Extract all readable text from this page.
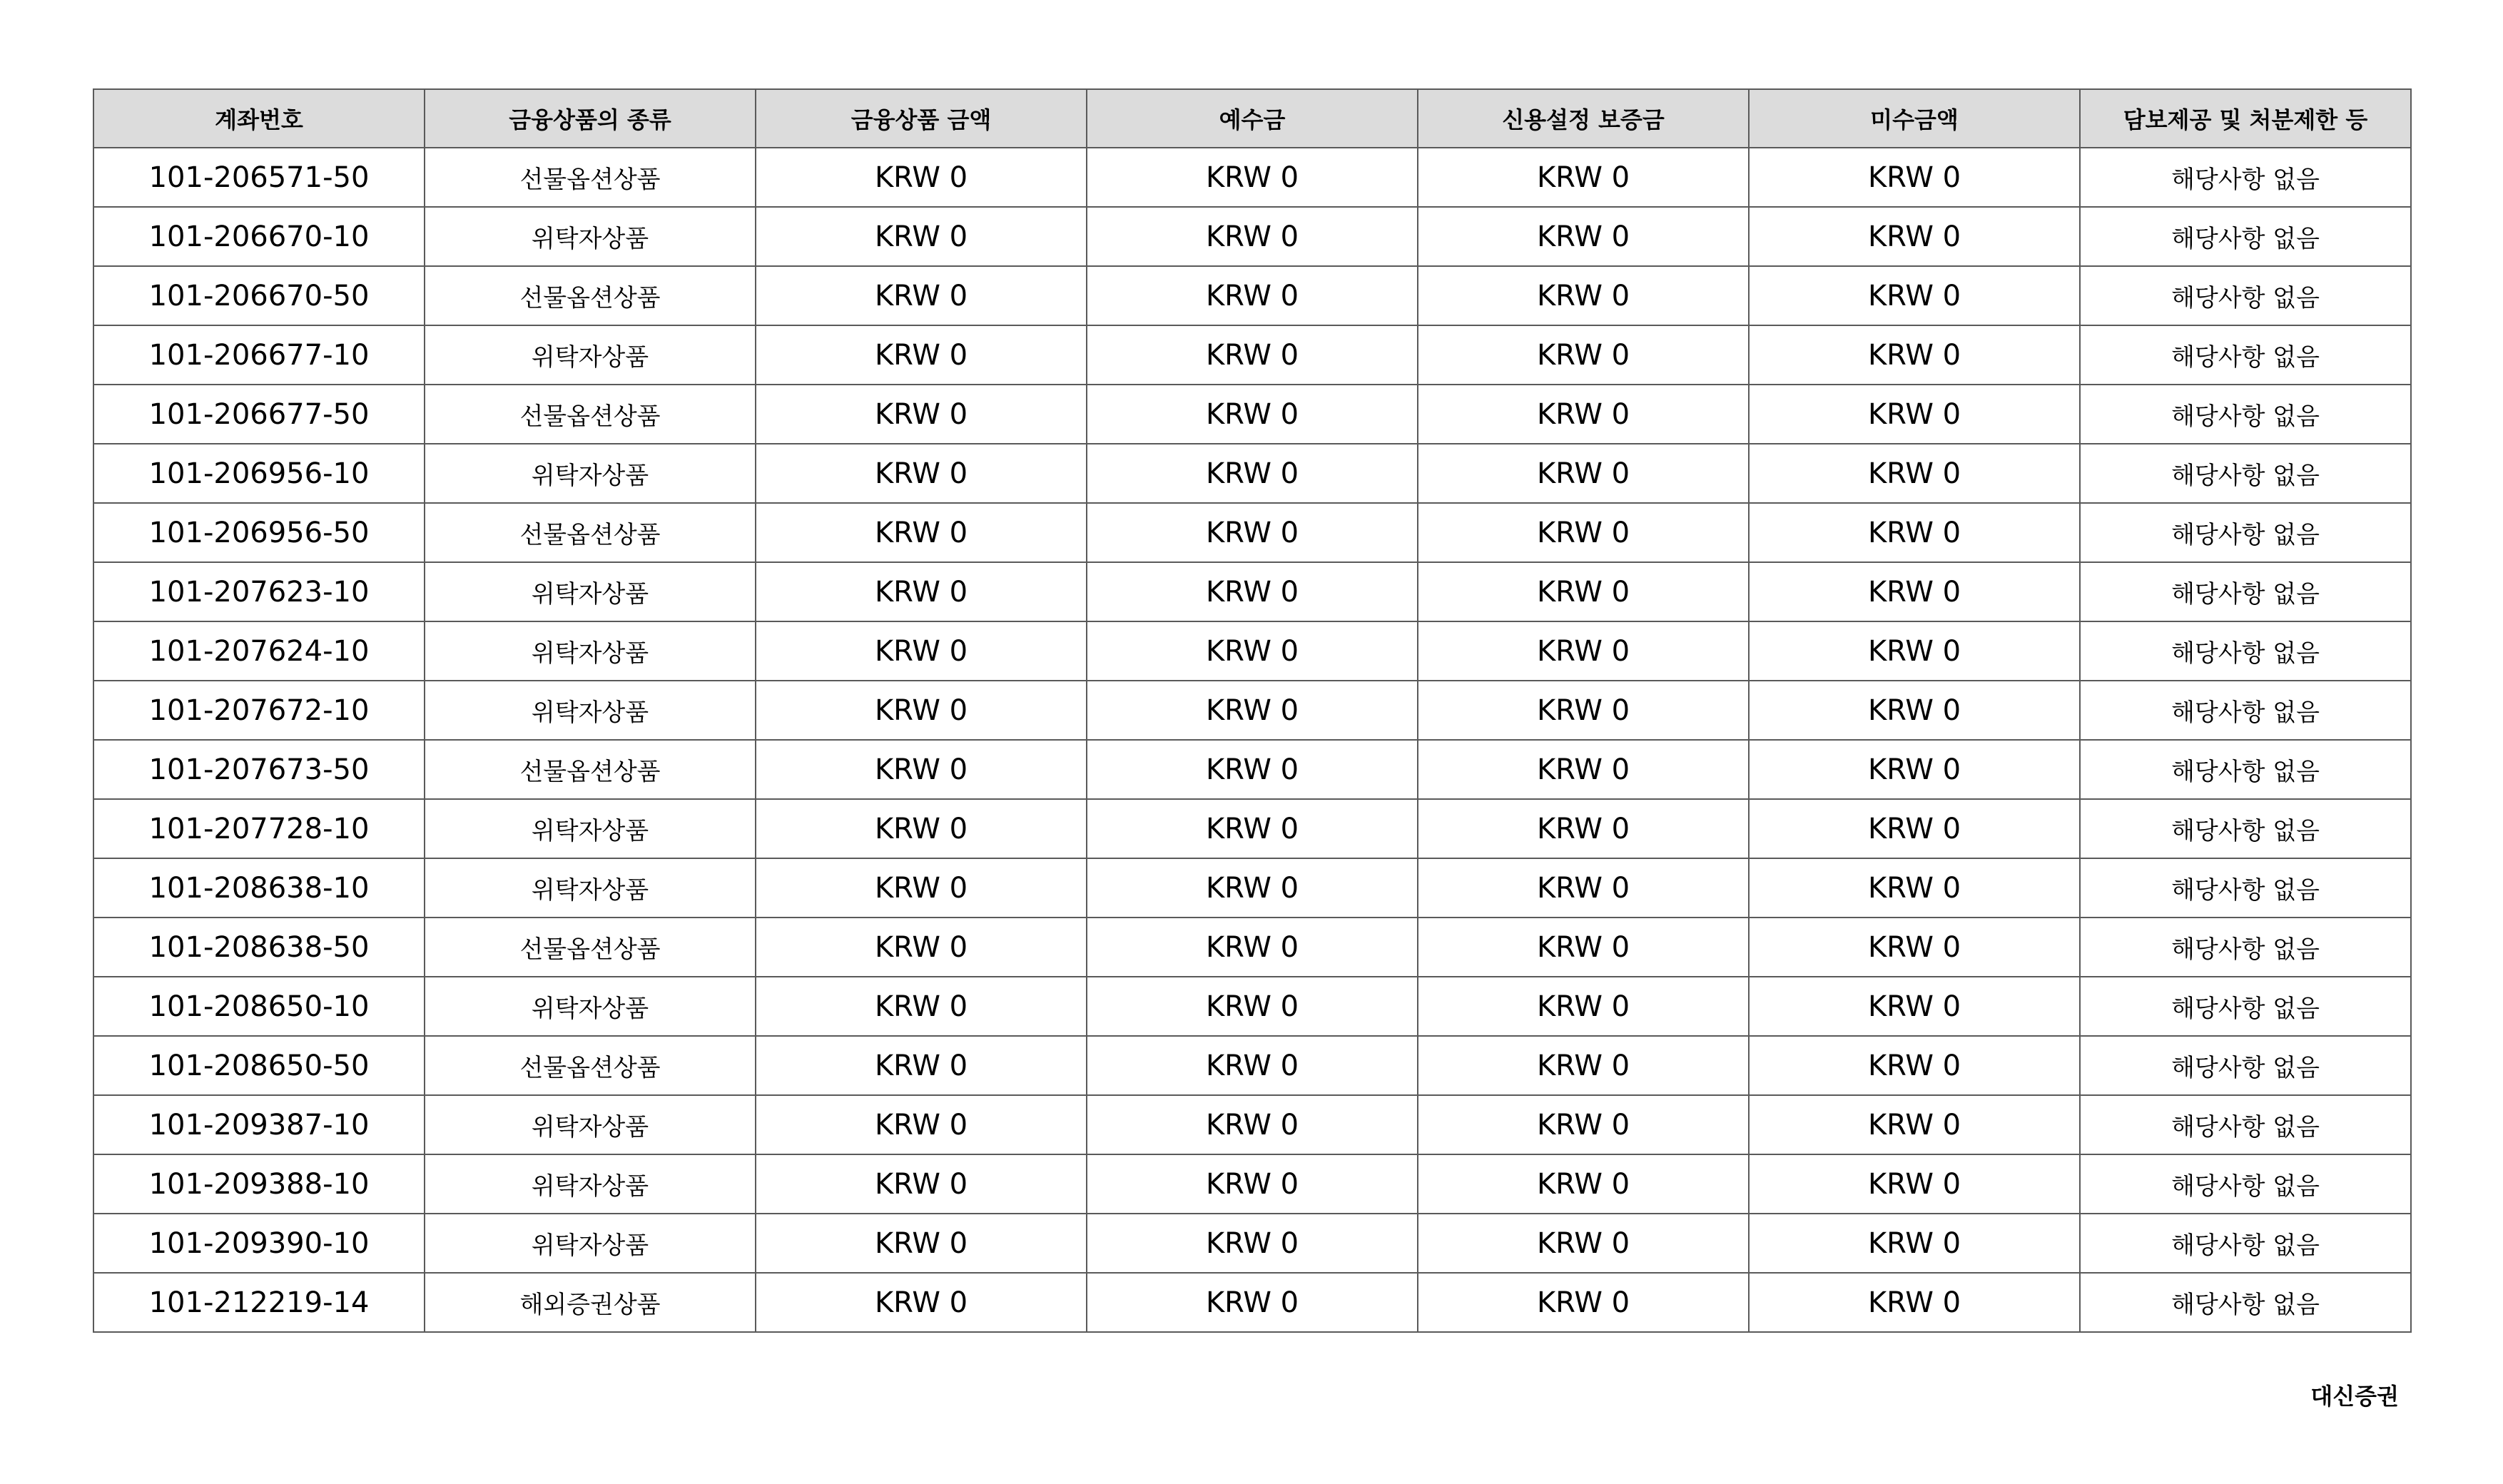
계좌번호	금융상품의 종류	금융상품 금액	예수금	신용설정 보증금	미수금액	담보제공 및 처분제한 등
101-206571-50	선물옵션상품	KRW 0	KRW 0	KRW 0	KRW 0	해당사항 없음
101-206670-10	위탁자상품	KRW 0	KRW 0	KRW 0	KRW 0	해당사항 없음
101-206670-50	선물옵션상품	KRW 0	KRW 0	KRW 0	KRW 0	해당사항 없음
101-206677-10	위탁자상품	KRW 0	KRW 0	KRW 0	KRW 0	해당사항 없음
101-206677-50	선물옵션상품	KRW 0	KRW 0	KRW 0	KRW 0	해당사항 없음
101-206956-10	위탁자상품	KRW 0	KRW 0	KRW 0	KRW 0	해당사항 없음
101-206956-50	선물옵션상품	KRW 0	KRW 0	KRW 0	KRW 0	해당사항 없음
101-207623-10	위탁자상품	KRW 0	KRW 0	KRW 0	KRW 0	해당사항 없음
101-207624-10	위탁자상품	KRW 0	KRW 0	KRW 0	KRW 0	해당사항 없음
101-207672-10	위탁자상품	KRW 0	KRW 0	KRW 0	KRW 0	해당사항 없음
101-207673-50	선물옵션상품	KRW 0	KRW 0	KRW 0	KRW 0	해당사항 없음
101-207728-10	위탁자상품	KRW 0	KRW 0	KRW 0	KRW 0	해당사항 없음
101-208638-10	위탁자상품	KRW 0	KRW 0	KRW 0	KRW 0	해당사항 없음
101-208638-50	선물옵션상품	KRW 0	KRW 0	KRW 0	KRW 0	해당사항 없음
101-208650-10	위탁자상품	KRW 0	KRW 0	KRW 0	KRW 0	해당사항 없음
101-208650-50	선물옵션상품	KRW 0	KRW 0	KRW 0	KRW 0	해당사항 없음
101-209387-10	위탁자상품	KRW 0	KRW 0	KRW 0	KRW 0	해당사항 없음
101-209388-10	위탁자상품	KRW 0	KRW 0	KRW 0	KRW 0	해당사항 없음
101-209390-10	위탁자상품	KRW 0	KRW 0	KRW 0	KRW 0	해당사항 없음
101-212219-14	해외증권상품	KRW 0	KRW 0	KRW 0	KRW 0	해당사항 없음
대신증권
